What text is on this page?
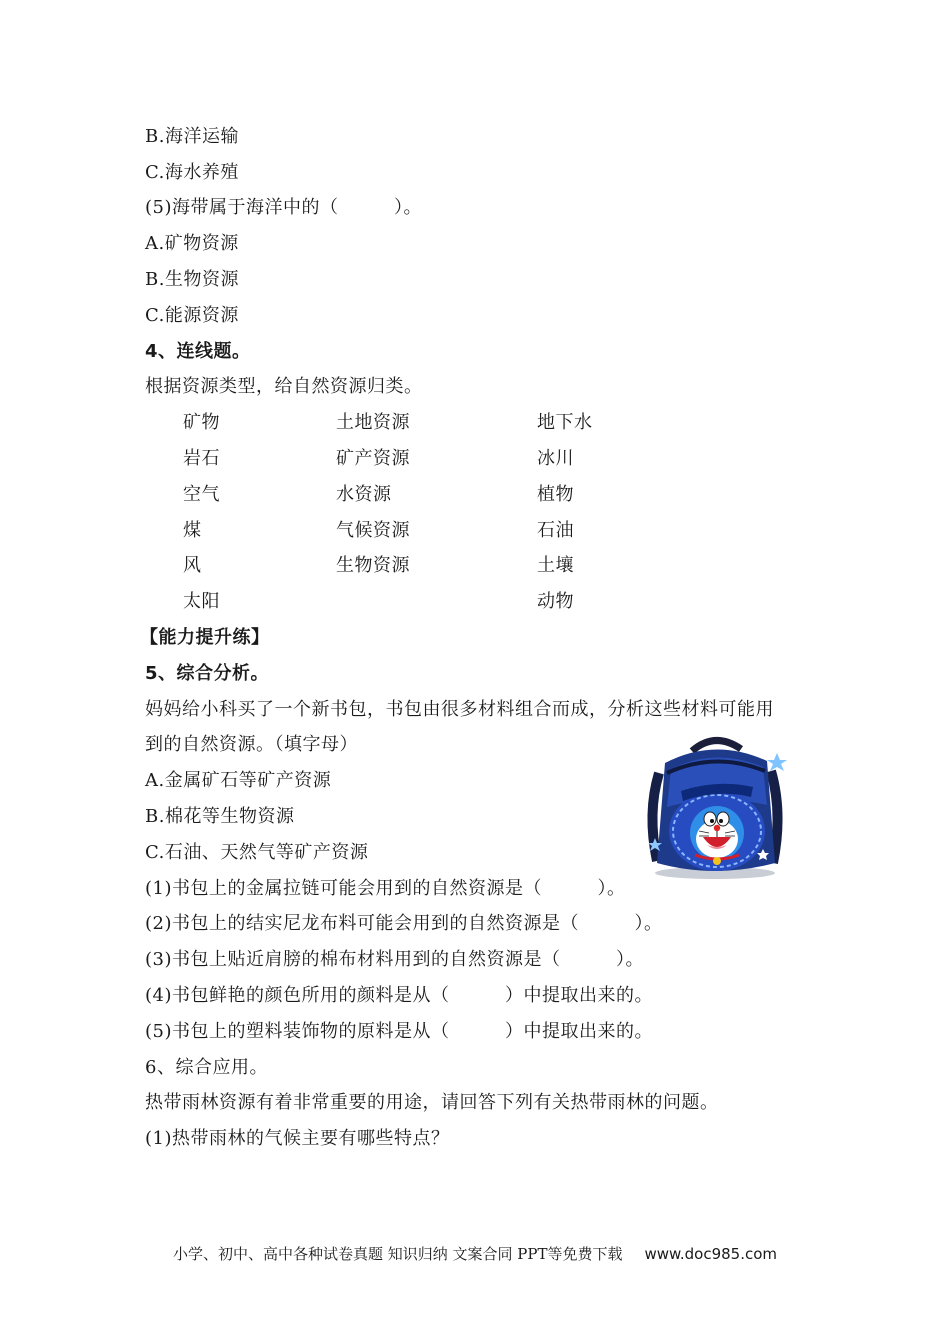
B.海洋运输
C.海水养殖
(5)海带属于海洋中的（　　　）。
A.矿物资源
B.生物资源
C.能源资源
4、连线题。
根据资源类型，给自然资源归类。
矿物
岩石
空气
煤
风
太阳
土地资源
矿产资源
水资源
气候资源
生物资源
地下水
冰川
植物
石油
土壤
动物
【能力提升练】
5、综合分析。
妈妈给小科买了一个新书包，书包由很多材料组合而成，分析这些材料可能用
到的自然资源。（填字母）
A.金属矿石等矿产资源
B.棉花等生物资源
C.石油、天然气等矿产资源
(1)书包上的金属拉链可能会用到的自然资源是（　　　）。
(2)书包上的结实尼龙布料可能会用到的自然资源是（　　　）。
(3)书包上贴近肩膀的棉布材料用到的自然资源是（　　　）。
(4)书包鲜艳的颜色所用的颜料是从（　　　）中提取出来的。
(5)书包上的塑料装饰物的原料是从（　　　）中提取出来的。
6、综合应用。
热带雨林资源有着非常重要的用途，请回答下列有关热带雨林的问题。
(1)热带雨林的气候主要有哪些特点？
小学、初中、高中各种试卷真题 知识归纳 文案合同 PPT等免费下载 www.doc985.com
